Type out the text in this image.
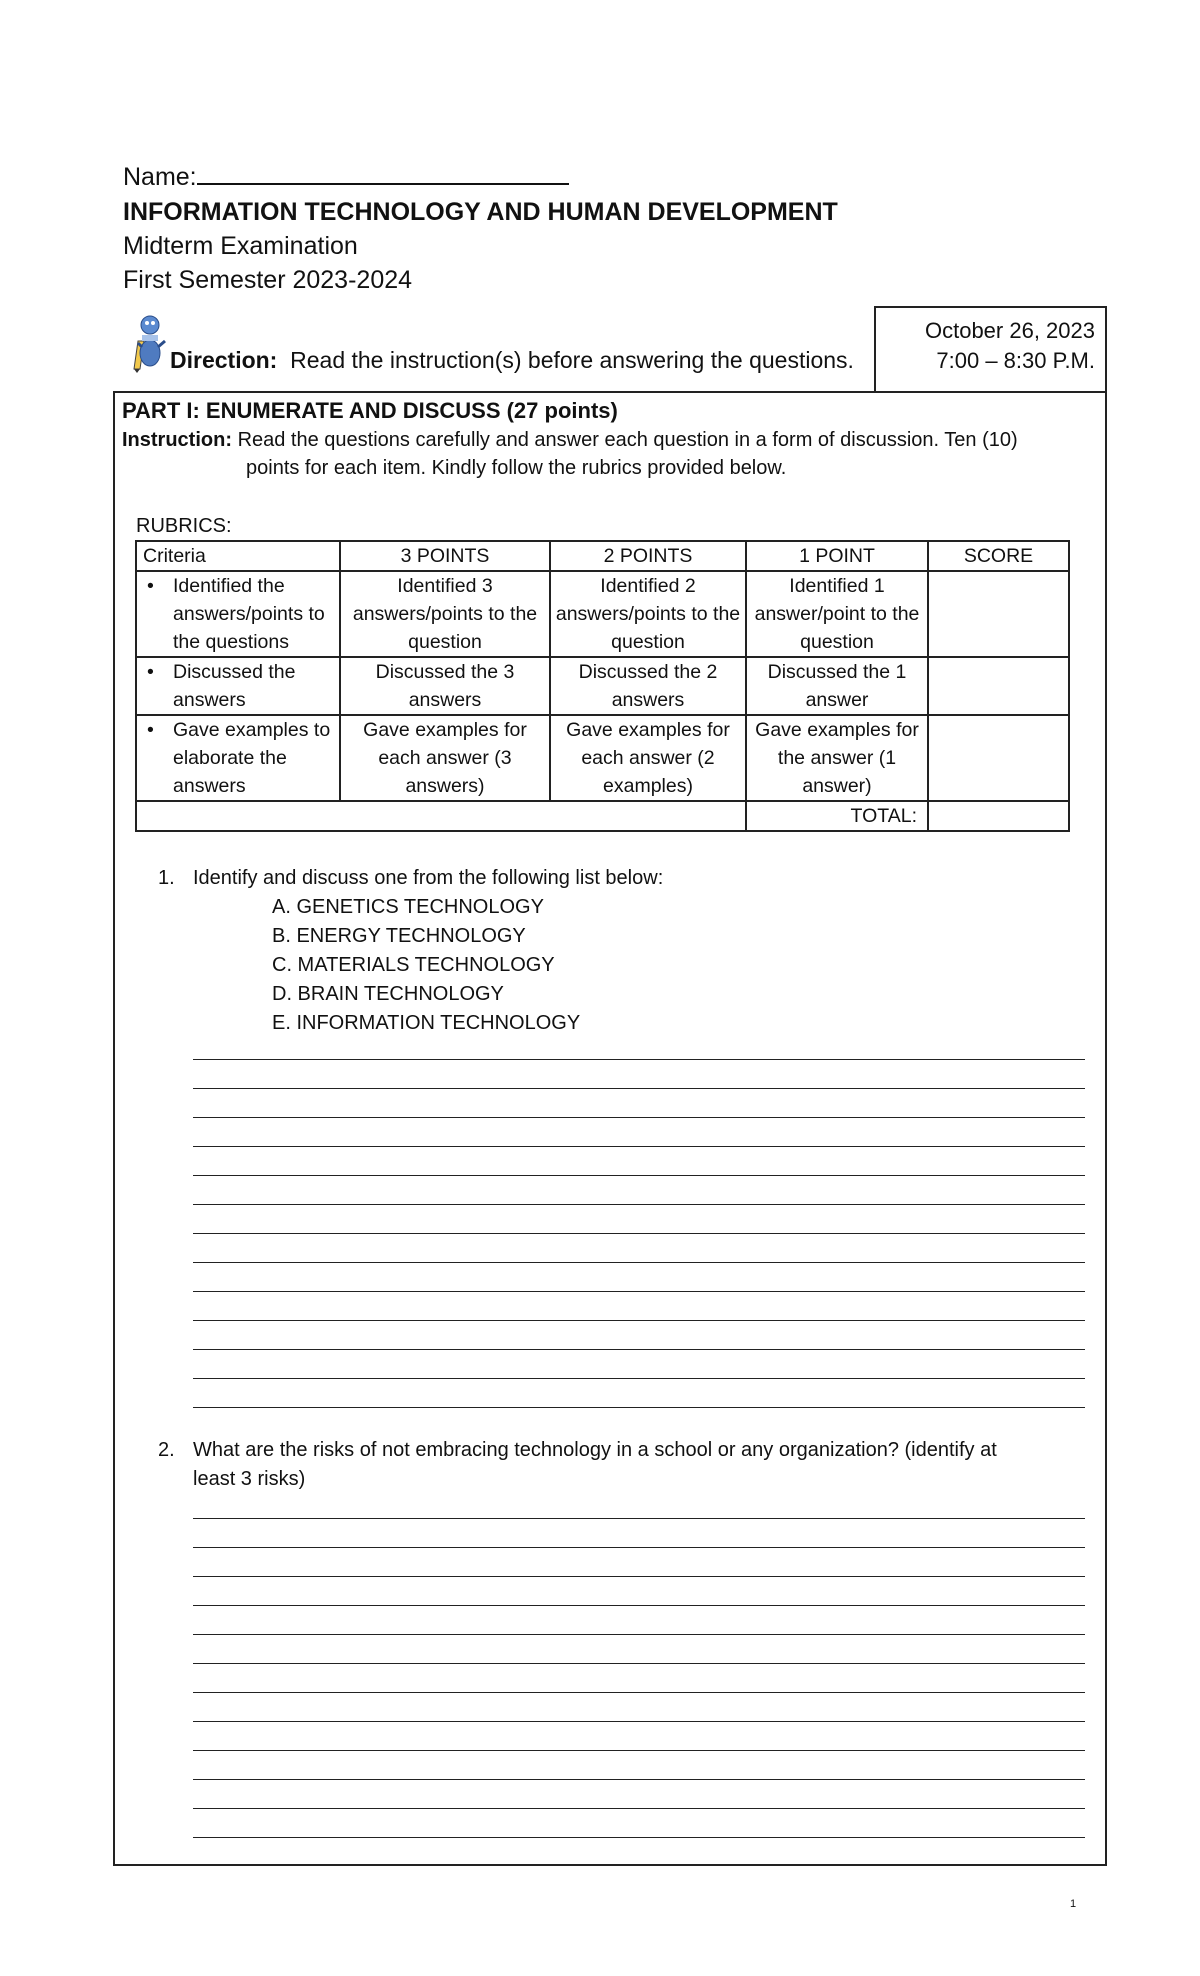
Name:
INFORMATION TECHNOLOGY AND HUMAN DEVELOPMENT
Midterm Examination
First Semester 2023-2024
Direction: Read the instruction(s) before answering the questions.
October 26, 2023
7:00 – 8:30 P.M.
PART I: ENUMERATE AND DISCUSS (27 points)
Instruction: Read the questions carefully and answer each question in a form of discussion. Ten (10)
points for each item. Kindly follow the rubrics provided below.
RUBRICS:
Criteria	3 POINTS	2 POINTS	1 POINT	SCORE
• Identified the answers/points to the questions	Identified 3 answers/points to the question	Identified 2 answers/points to the question	Identified 1 answer/point to the question	
• Discussed the answers	Discussed the 3 answers	Discussed the 2 answers	Discussed the 1 answer	
• Gave examples to elaborate the answers	Gave examples for each answer (3 answers)	Gave examples for each answer (2 examples)	Gave examples for the answer (1 answer)	
			TOTAL:	
1. Identify and discuss one from the following list below:
A. GENETICS TECHNOLOGY
B. ENERGY TECHNOLOGY
C. MATERIALS TECHNOLOGY
D. BRAIN TECHNOLOGY
E. INFORMATION TECHNOLOGY
2. What are the risks of not embracing technology in a school or any organization? (identify at
least 3 risks)
1
